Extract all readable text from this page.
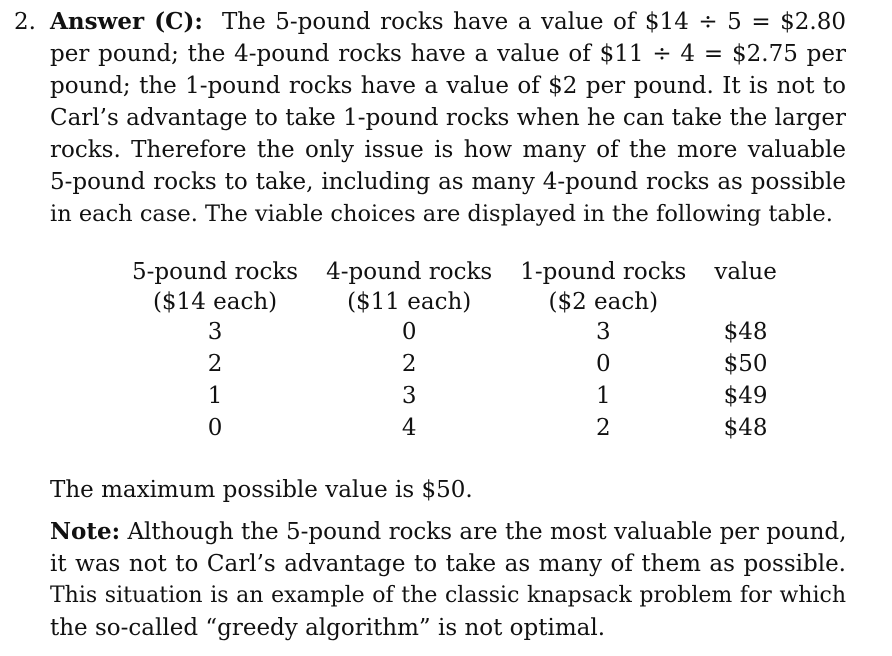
2. Answer (C): The 5-pound rocks have a value of $14 ÷ 5 = $2.80
per pound; the 4-pound rocks have a value of $11 ÷ 4 = $2.75 per
pound; the 1-pound rocks have a value of $2 per pound. It is not to
Carl’s advantage to take 1-pound rocks when he can take the larger
rocks. Therefore the only issue is how many of the more valuable
5-pound rocks to take, including as many 4-pound rocks as possible
in each case. The viable choices are displayed in the following table.
5-pound rocks	4-pound rocks	1-pound rocks	value
($14 each)	($11 each)	($2 each)	
3	0	3	$48
2	2	0	$50
1	3	1	$49
0	4	2	$48
The maximum possible value is $50.
Note: Although the 5-pound rocks are the most valuable per pound,
it was not to Carl’s advantage to take as many of them as possible.
This situation is an example of the classic knapsack problem for which
the so-called “greedy algorithm” is not optimal.
